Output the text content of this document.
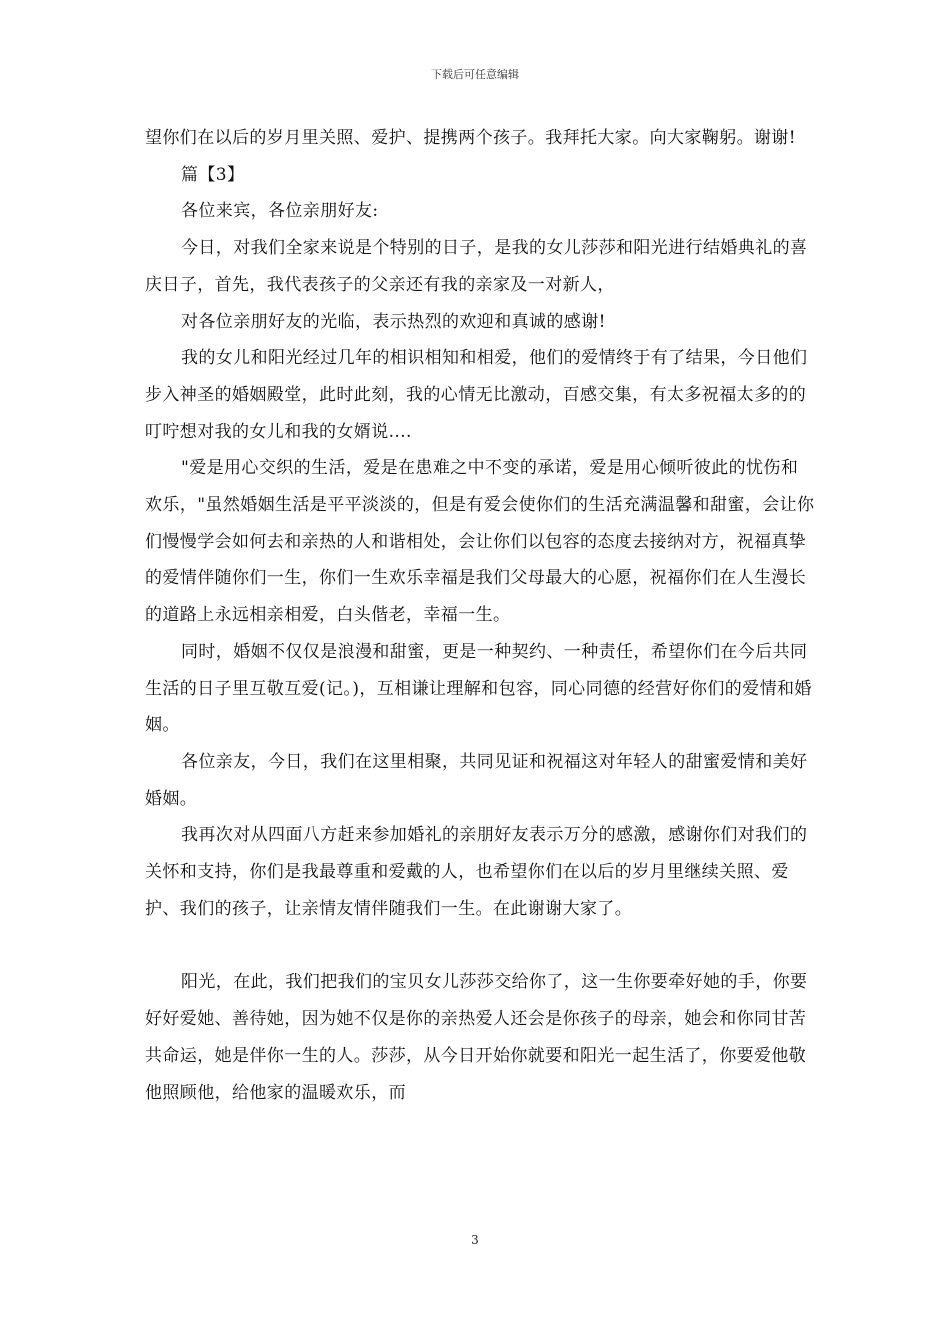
下载后可任意编辑

望你们在以后的岁月里关照、爱护、提携两个孩子。我拜托大家。向大家鞠躬。谢谢!

篇【3】

各位来宾，各位亲朋好友:

今日，对我们全家来说是个特别的日子，是我的女儿莎莎和阳光进行结婚典礼的喜庆日子，首先，我代表孩子的父亲还有我的亲家及一对新人，

对各位亲朋好友的光临，表示热烈的欢迎和真诚的感谢!

我的女儿和阳光经过几年的相识相知和相爱，他们的爱情终于有了结果，今日他们步入神圣的婚姻殿堂，此时此刻，我的心情无比激动，百感交集，有太多祝福太多的的叮咛想对我的女儿和我的女婿说....

"爱是用心交织的生活，爱是在患难之中不变的承诺，爱是用心倾听彼此的忧伤和欢乐，"虽然婚姻生活是平平淡淡的，但是有爱会使你们的生活充满温馨和甜蜜，会让你们慢慢学会如何去和亲热的人和谐相处，会让你们以包容的态度去接纳对方，祝福真挚的爱情伴随你们一生，你们一生欢乐幸福是我们父母最大的心愿，祝福你们在人生漫长的道路上永远相亲相爱，白头偕老，幸福一生。

同时，婚姻不仅仅是浪漫和甜蜜，更是一种契约、一种责任，希望你们在今后共同生活的日子里互敬互爱(记。)，互相谦让理解和包容，同心同德的经营好你们的爱情和婚姻。

各位亲友，今日，我们在这里相聚，共同见证和祝福这对年轻人的甜蜜爱情和美好婚姻。

我再次对从四面八方赶来参加婚礼的亲朋好友表示万分的感激，感谢你们对我们的关怀和支持，你们是我最尊重和爱戴的人，也希望你们在以后的岁月里继续关照、爱护、我们的孩子，让亲情友情伴随我们一生。在此谢谢大家了。

阳光，在此，我们把我们的宝贝女儿莎莎交给你了，这一生你要牵好她的手，你要好好爱她、善待她，因为她不仅是你的亲热爱人还会是你孩子的母亲，她会和你同甘苦共命运，她是伴你一生的人。莎莎，从今日开始你就要和阳光一起生活了，你要爱他敬他照顾他，给他家的温暖欢乐，而

3
